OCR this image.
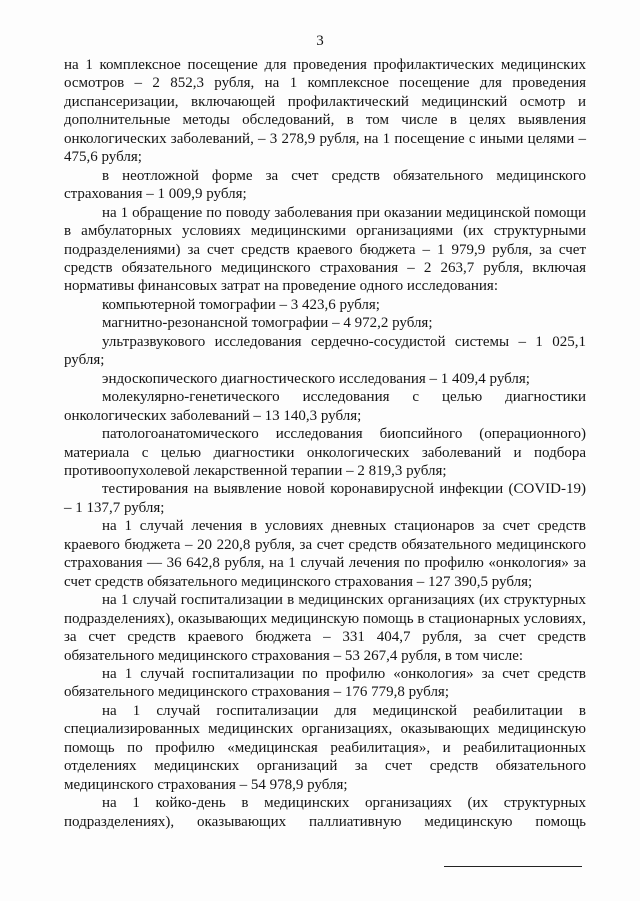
3

на 1 комплексное посещение для проведения профилактических медицинских осмотров – 2 852,3 рубля, на 1 комплексное посещение для проведения диспансеризации, включающей профилактический медицинский осмотр и дополнительные методы обследований, в том числе в целях выявления онкологических заболеваний, – 3 278,9 рубля, на 1 посещение с иными целями – 475,6 рубля;

в неотложной форме за счет средств обязательного медицинского страхования – 1 009,9 рубля;

на 1 обращение по поводу заболевания при оказании медицинской помощи в амбулаторных условиях медицинскими организациями (их структурными подразделениями) за счет средств краевого бюджета – 1 979,9 рубля, за счет средств обязательного медицинского страхования – 2 263,7 рубля, включая нормативы финансовых затрат на проведение одного исследования:

компьютерной томографии – 3 423,6 рубля;

магнитно-резонансной томографии – 4 972,2 рубля;

ультразвукового исследования сердечно-сосудистой системы – 1 025,1 рубля;

эндоскопического диагностического исследования – 1 409,4 рубля;

молекулярно-генетического исследования с целью диагностики онкологических заболеваний – 13 140,3 рубля;

патологоанатомического исследования биопсийного (операционного) материала с целью диагностики онкологических заболеваний и подбора противоопухолевой лекарственной терапии – 2 819,3 рубля;

тестирования на выявление новой коронавирусной инфекции (COVID-19) – 1 137,7 рубля;

на 1 случай лечения в условиях дневных стационаров за счет средств краевого бюджета – 20 220,8 рубля, за счет средств обязательного медицинского страхования — 36 642,8 рубля, на 1 случай лечения по профилю «онкология» за счет средств обязательного медицинского страхования – 127 390,5 рубля;

на 1 случай госпитализации в медицинских организациях (их структурных подразделениях), оказывающих медицинскую помощь в стационарных условиях, за счет средств краевого бюджета – 331 404,7 рубля, за счет средств обязательного медицинского страхования – 53 267,4 рубля, в том числе:

на 1 случай госпитализации по профилю «онкология» за счет средств обязательного медицинского страхования – 176 779,8 рубля;

на 1 случай госпитализации для медицинской реабилитации в специализированных медицинских организациях, оказывающих медицинскую помощь по профилю «медицинская реабилитация», и реабилитационных отделениях медицинских организаций за счет средств обязательного медицинского страхования – 54 978,9 рубля;

на 1 койко-день в медицинских организациях (их структурных подразделениях), оказывающих паллиативную медицинскую помощь
